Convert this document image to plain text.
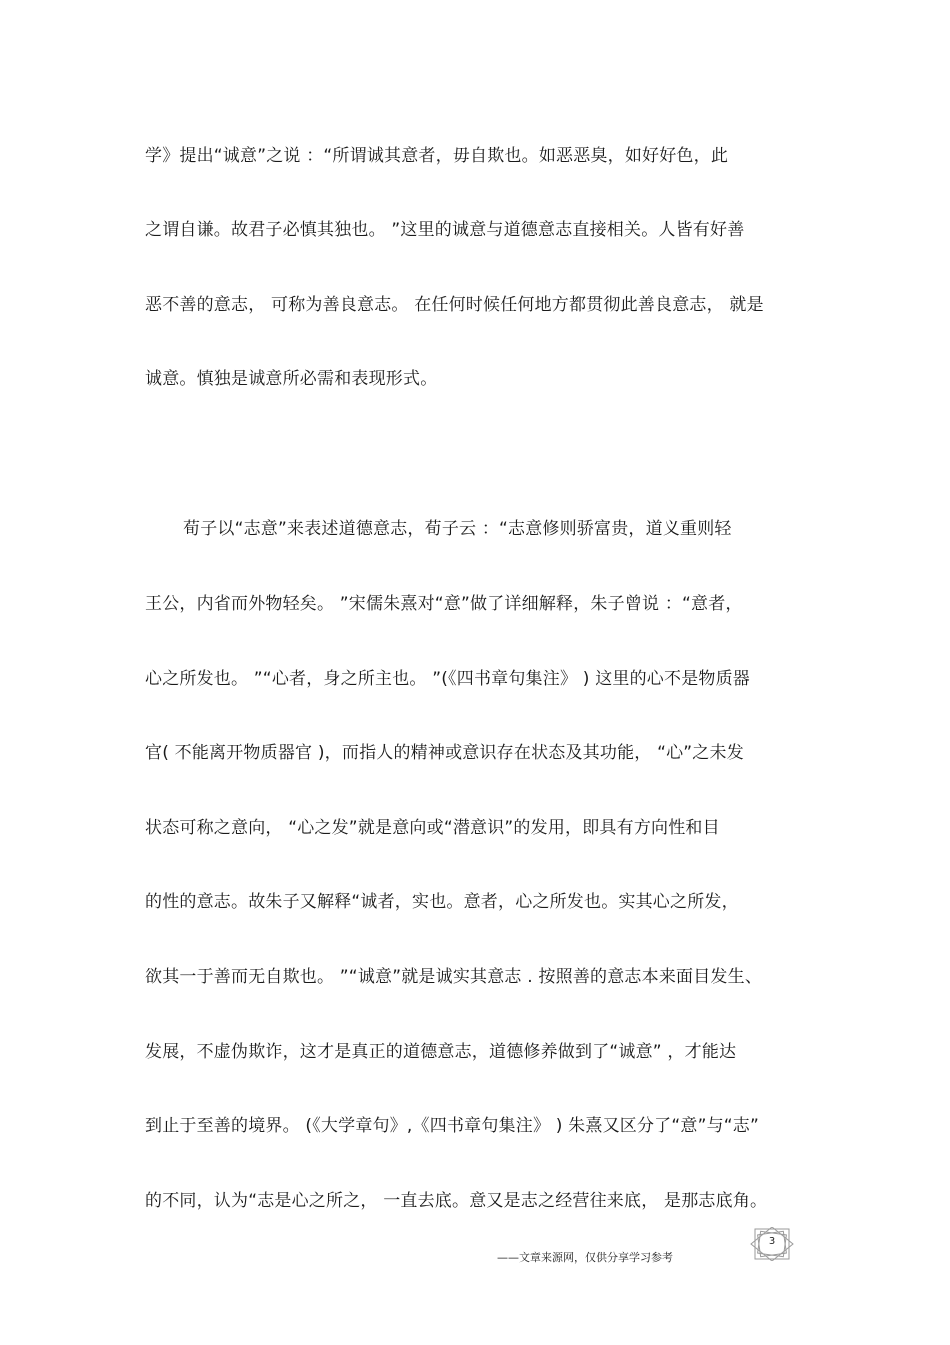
学》提出“诚意”之说 ：“所谓诚其意者，毋自欺也。如恶恶臭，如好好色，此
之谓自谦。故君子必慎其独也。 ”这里的诚意与道德意志直接相关。人皆有好善
恶不善的意志， 可称为善良意志。 在任何时候任何地方都贯彻此善良意志， 就是
诚意。慎独是诚意所必需和表现形式。
荀子以“志意”来表述道德意志，荀子云 ：“志意修则骄富贵，道义重则轻
王公，内省而外物轻矣。 ”宋儒朱熹对“意”做了详细解释，朱子曾说 ：“意者，
心之所发也。 ”“心者，身之所主也。 ”(《四书章句集注》 ) 这里的心不是物质器
官( 不能离开物质器官 )，而指人的精神或意识存在状态及其功能， “心”之未发
状态可称之意向， “心之发”就是意向或“潜意识”的发用，即具有方向性和目
的性的意志。故朱子又解释“诚者，实也。意者，心之所发也。实其心之所发，
欲其一于善而无自欺也。 ”“诚意”就是诚实其意志 . 按照善的意志本来面目发生、
发展，不虚伪欺诈，这才是真正的道德意志，道德修养做到了“诚意” ，才能达
到止于至善的境界。 (《大学章句》,《四书章句集注》 ) 朱熹又区分了“意”与“志”
的不同，认为“志是心之所之， 一直去底。意又是志之经营往来底， 是那志底角。
3
——文章来源网，仅供分享学习参考
